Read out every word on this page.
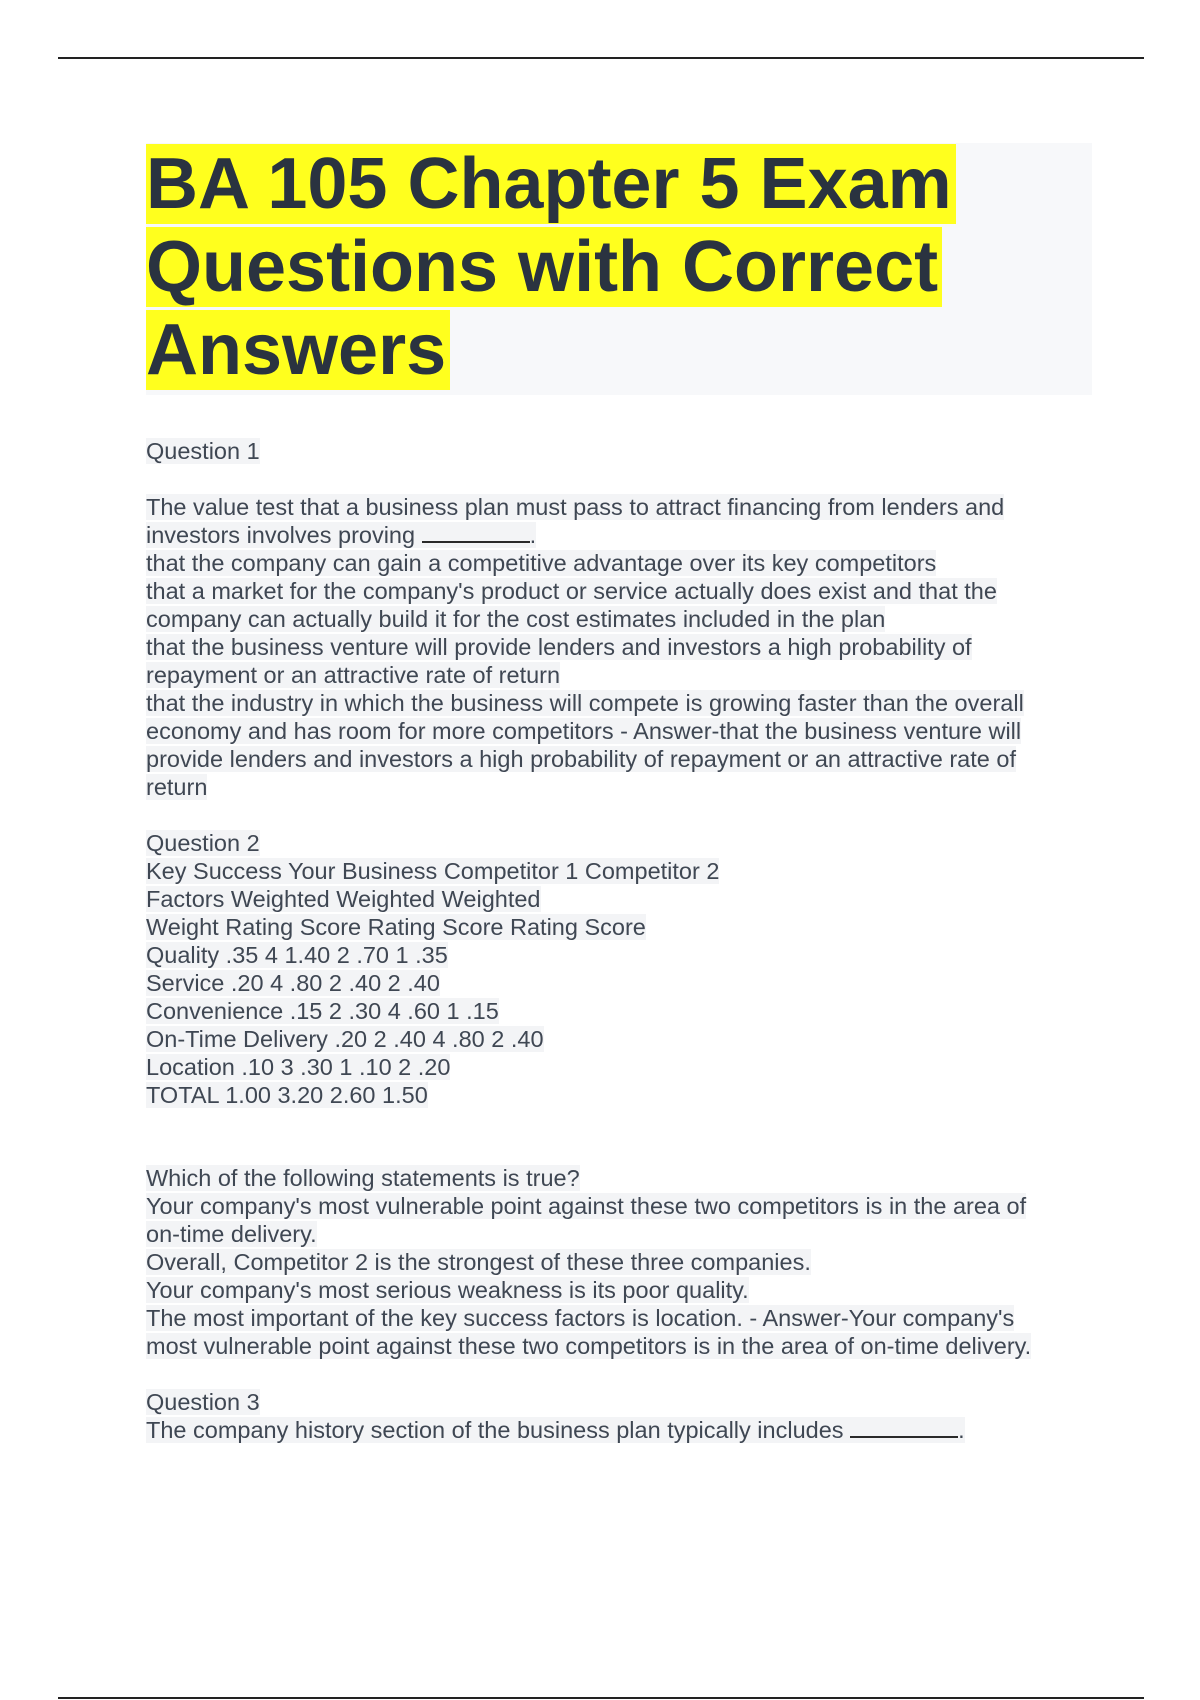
BA 105 Chapter 5 Exam
Questions with Correct
Answers
Question 1
The value test that a business plan must pass to attract financing from lenders and
investors involves proving	.
that the company can gain a competitive advantage over its key competitors
that a market for the company's product or service actually does exist and that the
company can actually build it for the cost estimates included in the plan
that the business venture will provide lenders and investors a high probability of
repayment or an attractive rate of return
that the industry in which the business will compete is growing faster than the overall
economy and has room for more competitors - Answer-that the business venture will
provide lenders and investors a high probability of repayment or an attractive rate of
return
Question 2
Key Success Your Business Competitor 1 Competitor 2
Factors Weighted Weighted Weighted
Weight Rating Score Rating Score Rating Score
Quality .35 4 1.40 2 .70 1 .35
Service .20 4 .80 2 .40 2 .40
Convenience .15 2 .30 4 .60 1 .15
On-Time Delivery .20 2 .40 4 .80 2 .40
Location .10 3 .30 1 .10 2 .20
TOTAL 1.00 3.20 2.60 1.50
Which of the following statements is true?
Your company's most vulnerable point against these two competitors is in the area of
on-time delivery.
Overall, Competitor 2 is the strongest of these three companies.
Your company's most serious weakness is its poor quality.
The most important of the key success factors is location. - Answer-Your company's
most vulnerable point against these two competitors is in the area of on-time delivery.
Question 3
The company history section of the business plan typically includes	.
